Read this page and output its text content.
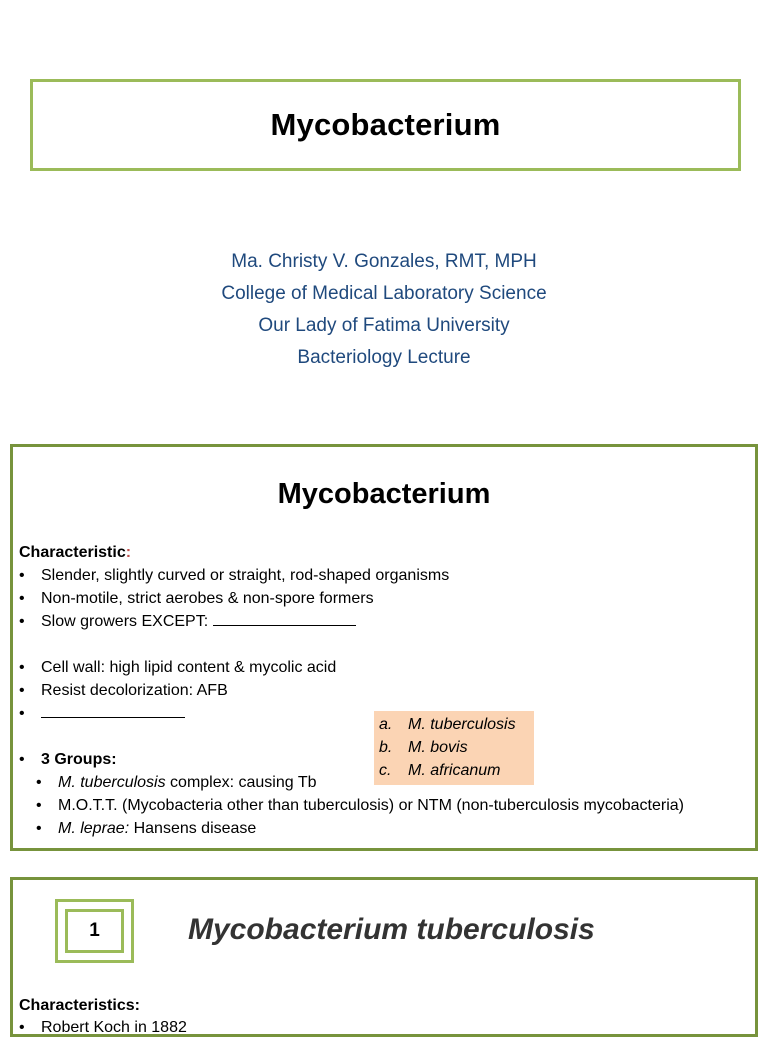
Mycobacterium
Ma. Christy V. Gonzales, RMT, MPH
College of Medical Laboratory Science
Our Lady of Fatima University
Bacteriology Lecture
Mycobacterium
Characteristic:
• Slender, slightly curved or straight, rod-shaped organisms
• Non-motile, strict aerobes & non-spore formers
• Slow growers EXCEPT:
• Cell wall: high lipid content & mycolic acid
• Resist decolorization: AFB
•
• 3 Groups:
• M. tuberculosis complex: causing Tb
• M.O.T.T. (Mycobacteria other than tuberculosis) or NTM (non-tuberculosis mycobacteria)
• M. leprae: Hansens disease
a. M. tuberculosis
b. M. bovis
c. M. africanum
1	Mycobacterium tuberculosis
Characteristics:
• Robert Koch in 1882
